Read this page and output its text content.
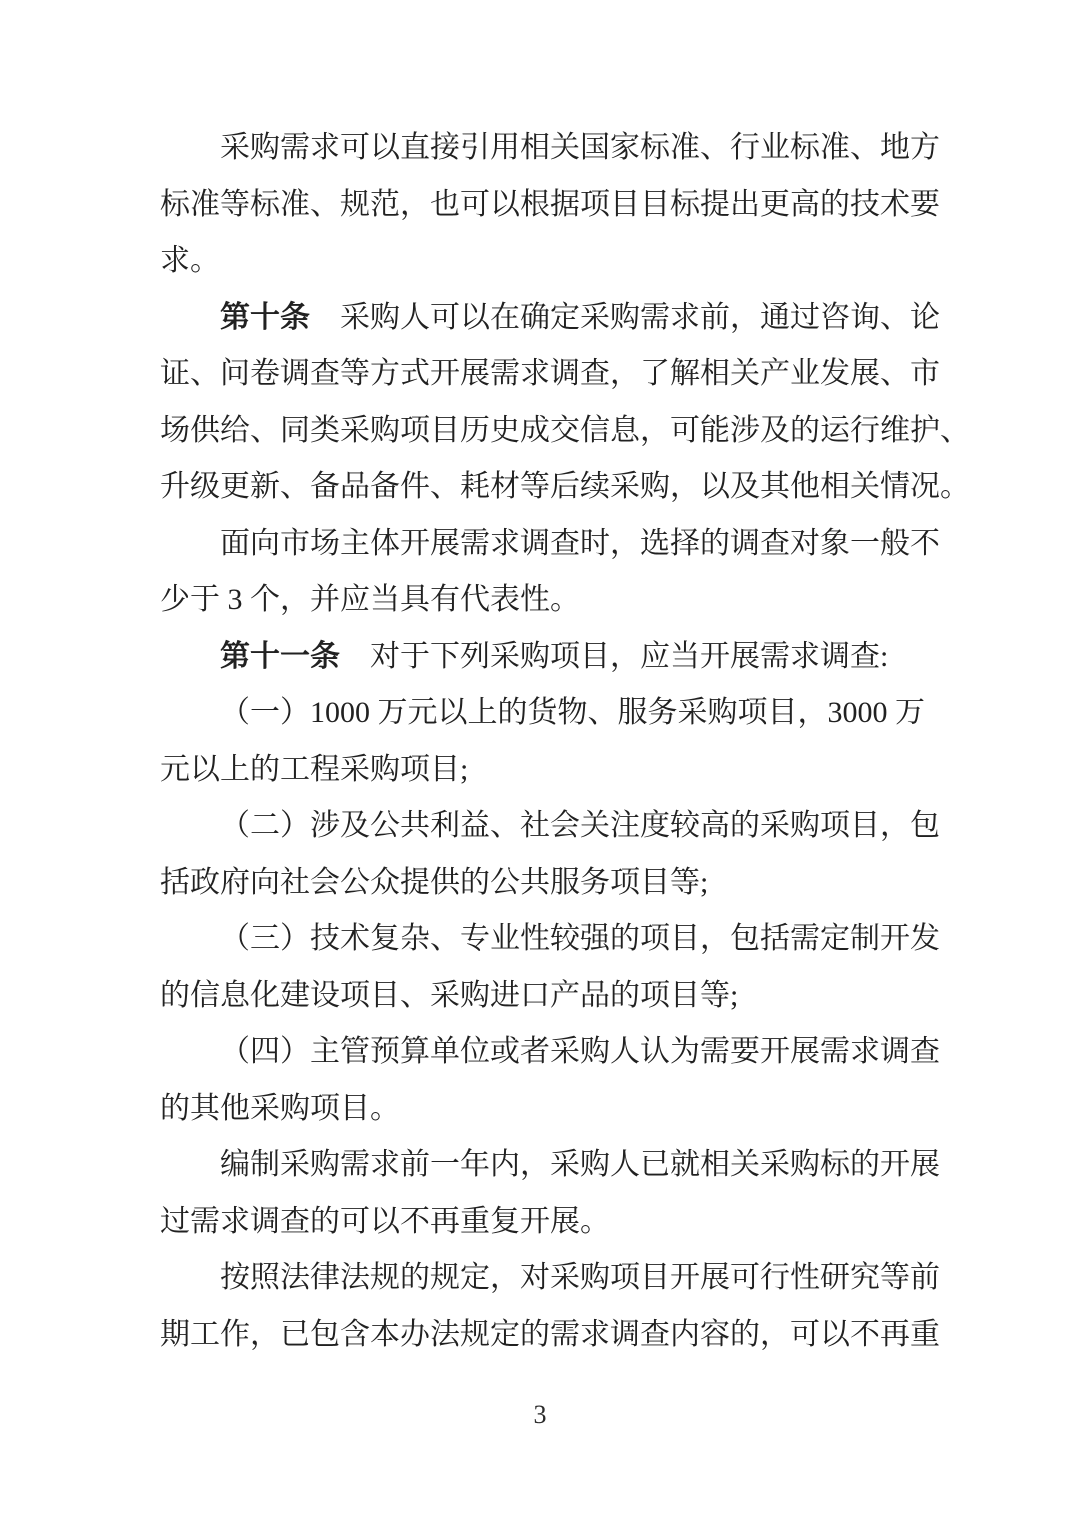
采购需求可以直接引用相关国家标准、行业标准、地方
标准等标准、规范，也可以根据项目目标提出更高的技术要
求。
第十条　采购人可以在确定采购需求前，通过咨询、论
证、问卷调查等方式开展需求调查，了解相关产业发展、市
场供给、同类采购项目历史成交信息，可能涉及的运行维护、
升级更新、备品备件、耗材等后续采购，以及其他相关情况。
面向市场主体开展需求调查时，选择的调查对象一般不
少于 3 个，并应当具有代表性。
第十一条　对于下列采购项目，应当开展需求调查:
（一）1000 万元以上的货物、服务采购项目，3000 万
元以上的工程采购项目;
（二）涉及公共利益、社会关注度较高的采购项目，包
括政府向社会公众提供的公共服务项目等;
（三）技术复杂、专业性较强的项目，包括需定制开发
的信息化建设项目、采购进口产品的项目等;
（四）主管预算单位或者采购人认为需要开展需求调查
的其他采购项目。
编制采购需求前一年内，采购人已就相关采购标的开展
过需求调查的可以不再重复开展。
按照法律法规的规定，对采购项目开展可行性研究等前
期工作，已包含本办法规定的需求调查内容的，可以不再重
3
